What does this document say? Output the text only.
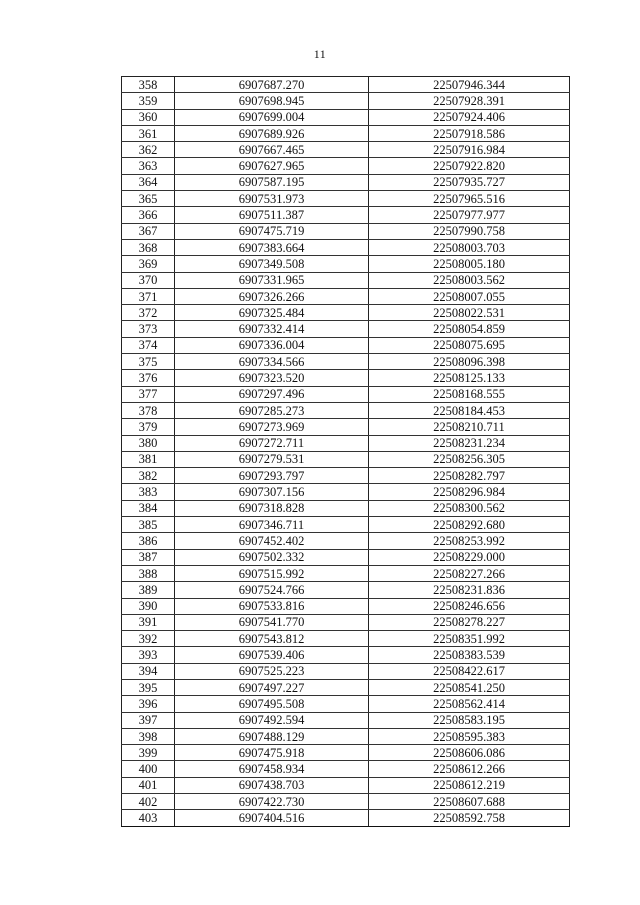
11
358	6907687.270	22507946.344
359	6907698.945	22507928.391
360	6907699.004	22507924.406
361	6907689.926	22507918.586
362	6907667.465	22507916.984
363	6907627.965	22507922.820
364	6907587.195	22507935.727
365	6907531.973	22507965.516
366	6907511.387	22507977.977
367	6907475.719	22507990.758
368	6907383.664	22508003.703
369	6907349.508	22508005.180
370	6907331.965	22508003.562
371	6907326.266	22508007.055
372	6907325.484	22508022.531
373	6907332.414	22508054.859
374	6907336.004	22508075.695
375	6907334.566	22508096.398
376	6907323.520	22508125.133
377	6907297.496	22508168.555
378	6907285.273	22508184.453
379	6907273.969	22508210.711
380	6907272.711	22508231.234
381	6907279.531	22508256.305
382	6907293.797	22508282.797
383	6907307.156	22508296.984
384	6907318.828	22508300.562
385	6907346.711	22508292.680
386	6907452.402	22508253.992
387	6907502.332	22508229.000
388	6907515.992	22508227.266
389	6907524.766	22508231.836
390	6907533.816	22508246.656
391	6907541.770	22508278.227
392	6907543.812	22508351.992
393	6907539.406	22508383.539
394	6907525.223	22508422.617
395	6907497.227	22508541.250
396	6907495.508	22508562.414
397	6907492.594	22508583.195
398	6907488.129	22508595.383
399	6907475.918	22508606.086
400	6907458.934	22508612.266
401	6907438.703	22508612.219
402	6907422.730	22508607.688
403	6907404.516	22508592.758
